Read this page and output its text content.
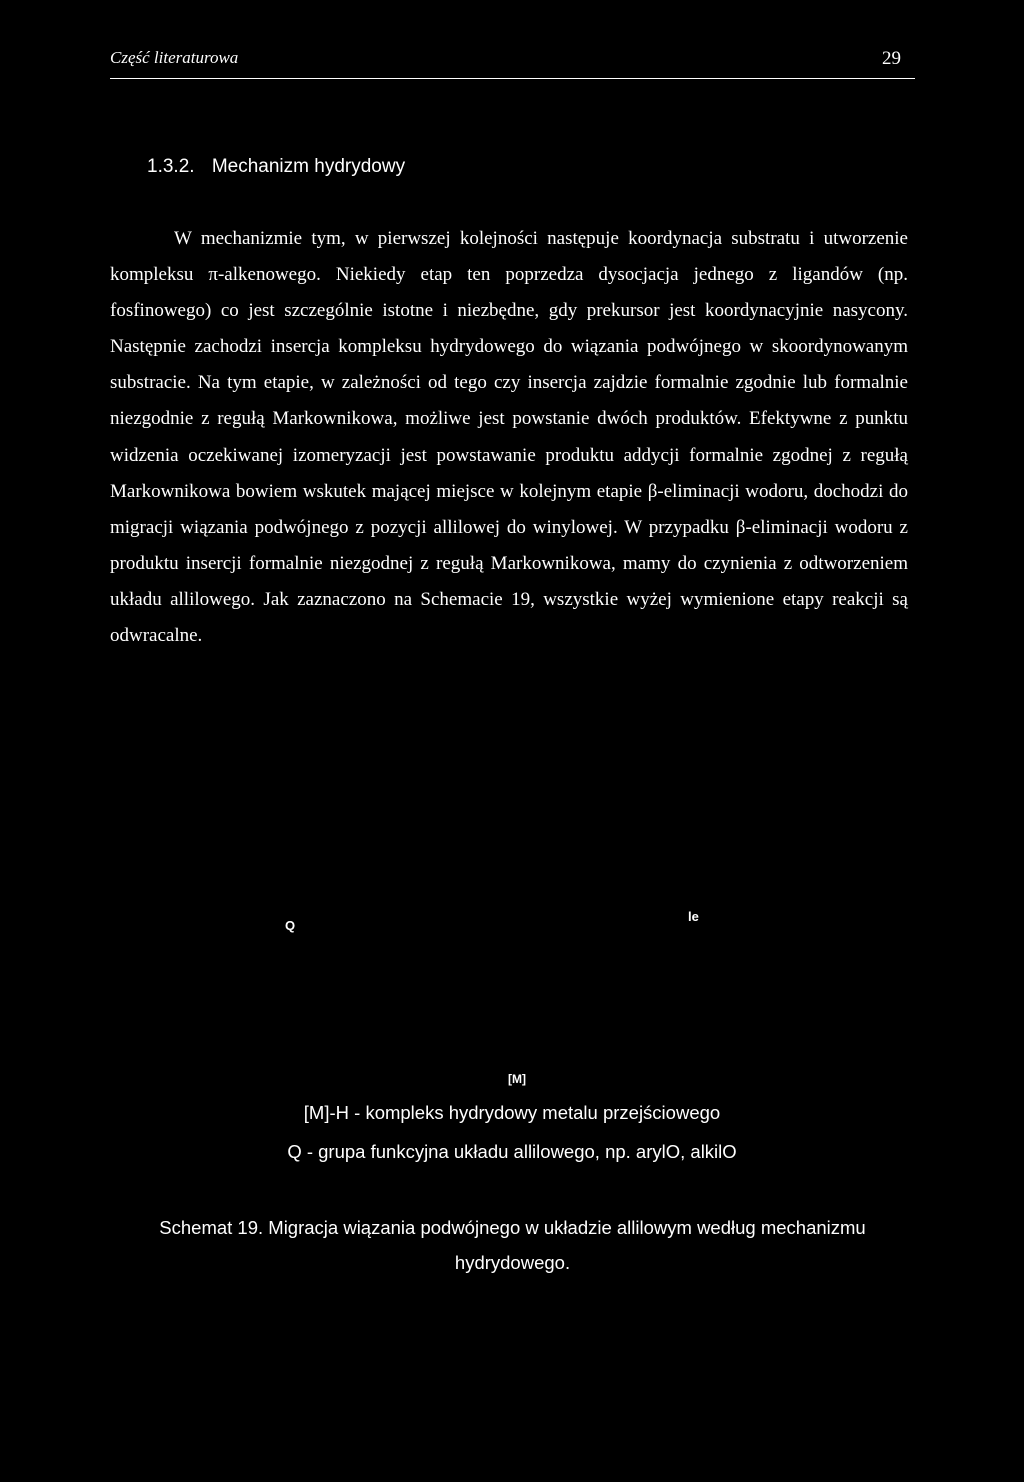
Część literaturowa	29
1.3.2. Mechanizm hydrydowy

W mechanizmie tym, w pierwszej kolejności następuje koordynacja substratu i utworzenie kompleksu π-alkenowego. Niekiedy etap ten poprzedza dysocjacja jednego z ligandów (np. fosfinowego) co jest szczególnie istotne i niezbędne, gdy prekursor jest koordynacyjnie nasycony. Następnie zachodzi insercja kompleksu hydrydowego do wiązania podwójnego w skoordynowanym substracie. Na tym etapie, w zależności od tego czy insercja zajdzie formalnie zgodnie lub formalnie niezgodnie z regułą Markownikowa, możliwe jest powstanie dwóch produktów. Efektywne z punktu widzenia oczekiwanej izomeryzacji jest powstawanie produktu addycji formalnie zgodnej z regułą Markownikowa bowiem wskutek mającej miejsce w kolejnym etapie β-eliminacji wodoru, dochodzi do migracji wiązania podwójnego z pozycji allilowej do winylowej. W przypadku β-eliminacji wodoru z produktu insercji formalnie niezgodnej z regułą Markownikowa, mamy do czynienia z odtworzeniem układu allilowego. Jak zaznaczono na Schemacie 19, wszystkie wyżej wymienione etapy reakcji są odwracalne.

Q
le
[M]
[M]-H - kompleks hydrydowy metalu przejściowego
Q - grupa funkcyjna układu allilowego, np. arylO, alkilO
Schemat 19. Migracja wiązania podwójnego w układzie allilowym według mechanizmu hydrydowego.
